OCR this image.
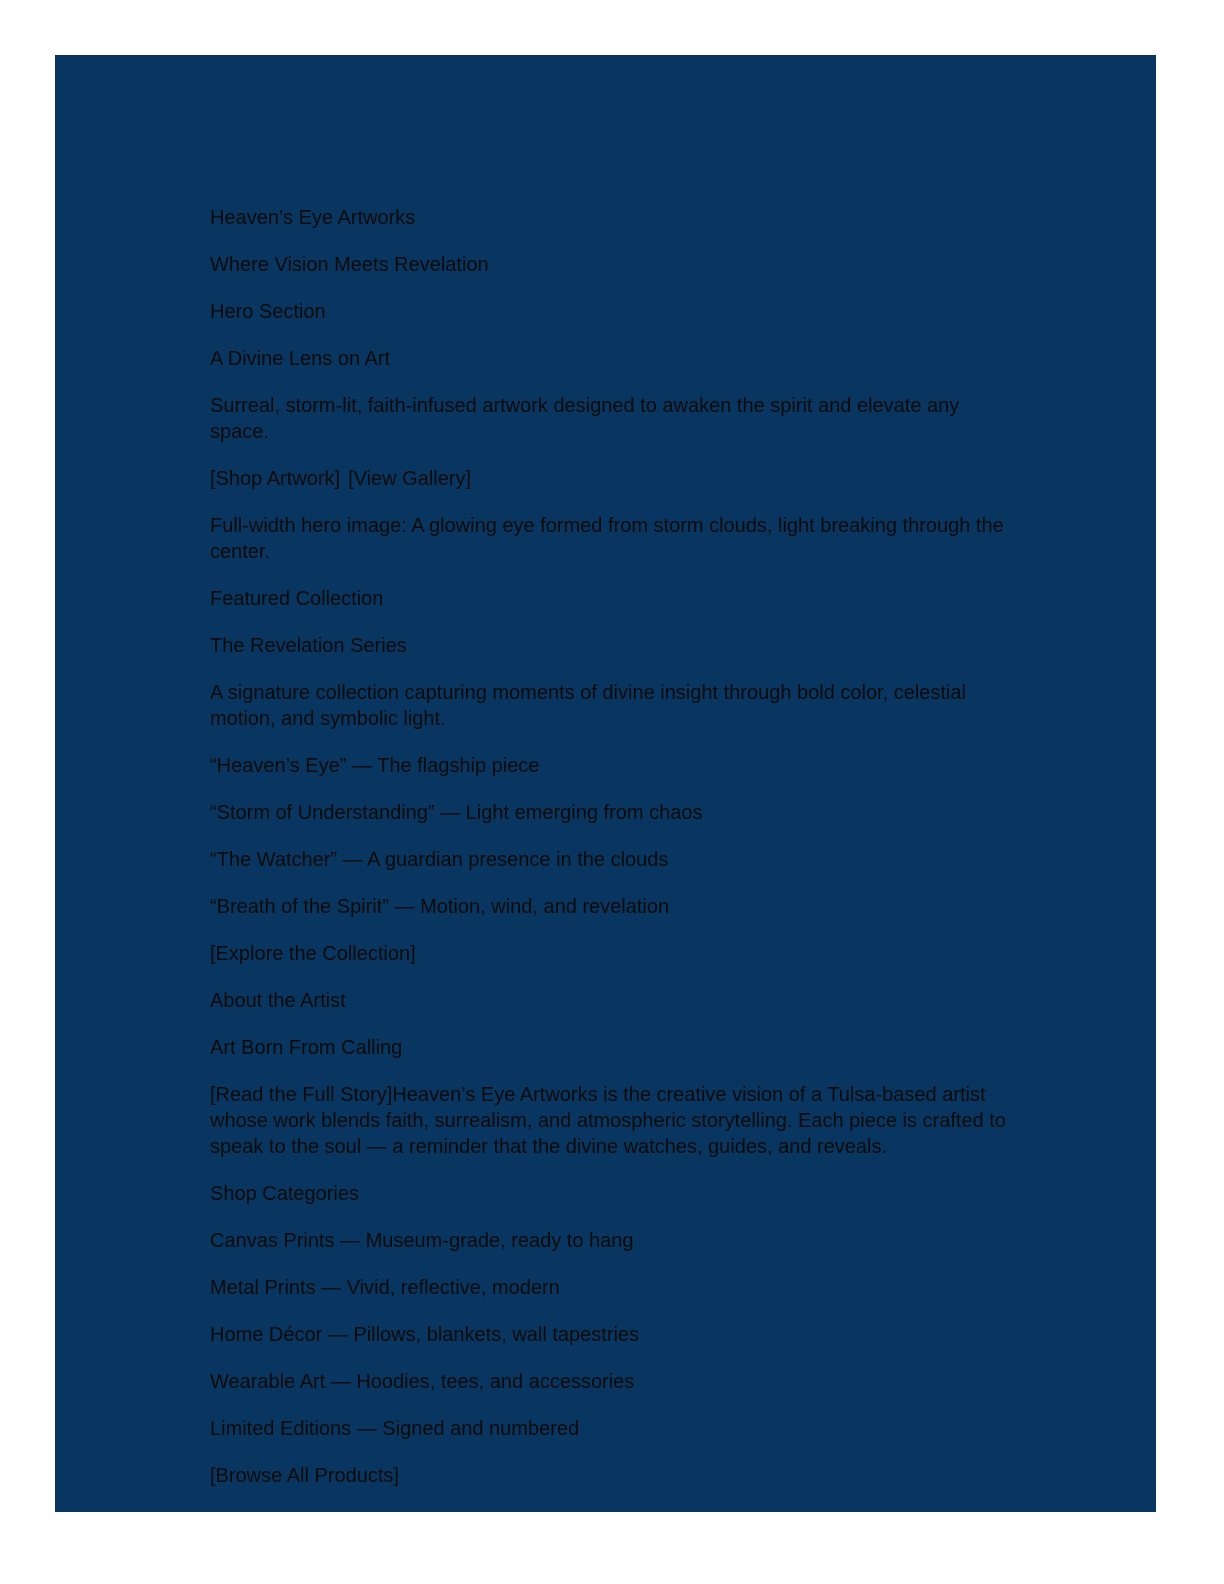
Heaven’s Eye Artworks

Where Vision Meets Revelation

Hero Section

A Divine Lens on Art

Surreal, storm-lit, faith-infused artwork designed to awaken the spirit and elevate any space.

[Shop Artwork] [View Gallery]

Full-width hero image: A glowing eye formed from storm clouds, light breaking through the center.

Featured Collection

The Revelation Series

A signature collection capturing moments of divine insight through bold color, celestial motion, and symbolic light.

“Heaven’s Eye” — The flagship piece

“Storm of Understanding” — Light emerging from chaos

“The Watcher” — A guardian presence in the clouds

“Breath of the Spirit” — Motion, wind, and revelation

[Explore the Collection]

About the Artist

Art Born From Calling

[Read the Full Story]Heaven’s Eye Artworks is the creative vision of a Tulsa-based artist whose work blends faith, surrealism, and atmospheric storytelling. Each piece is crafted to speak to the soul — a reminder that the divine watches, guides, and reveals.

Shop Categories

Canvas Prints — Museum-grade, ready to hang

Metal Prints — Vivid, reflective, modern

Home Décor — Pillows, blankets, wall tapestries

Wearable Art — Hoodies, tees, and accessories

Limited Editions — Signed and numbered

[Browse All Products]
